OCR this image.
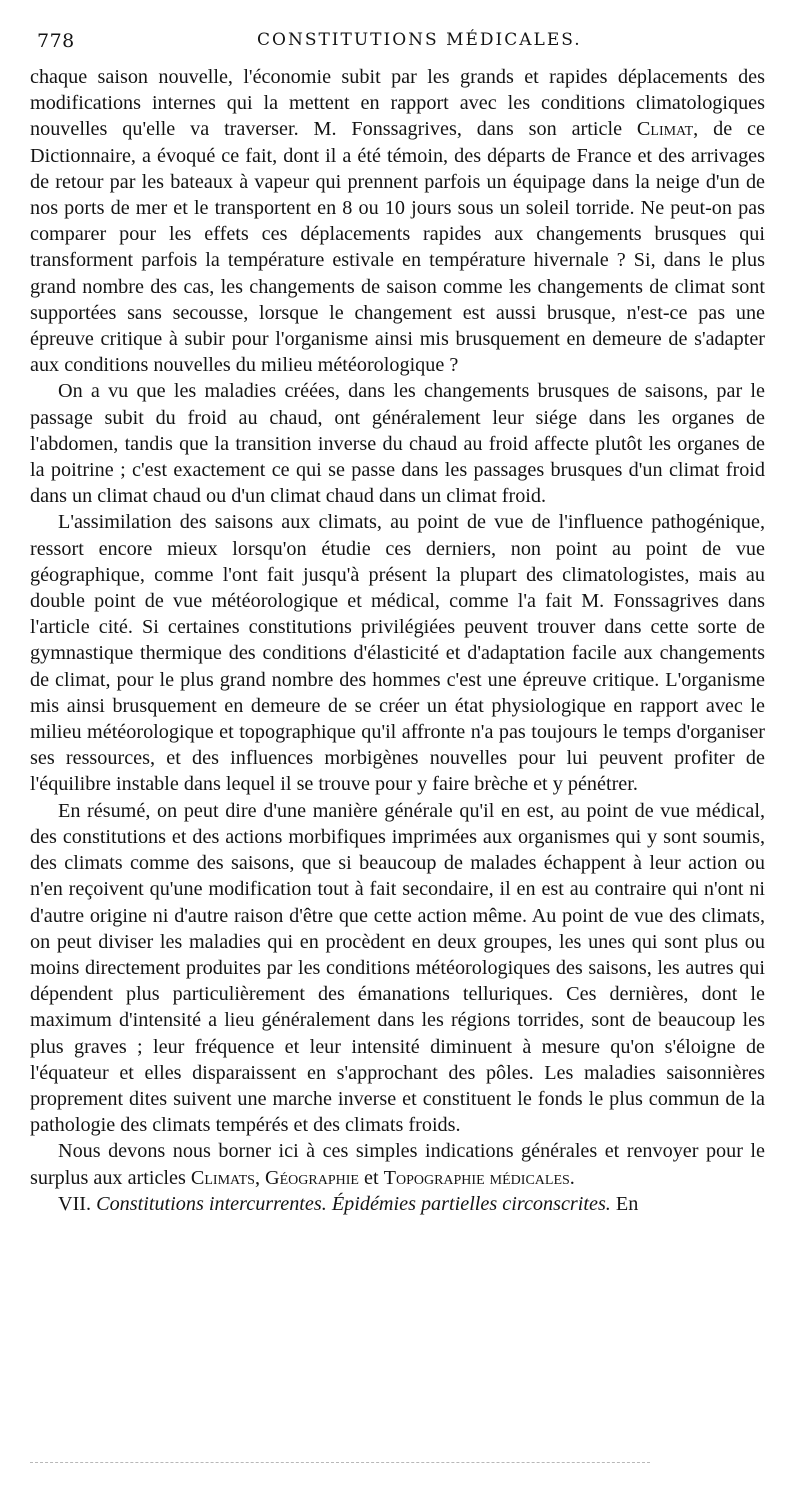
778	CONSTITUTIONS MÉDICALES.

chaque saison nouvelle, l'économie subit par les grands et rapides déplacements des modifications internes qui la mettent en rapport avec les conditions climatologiques nouvelles qu'elle va traverser. M. Fonssagrives, dans son article Climat, de ce Dictionnaire, a évoqué ce fait, dont il a été témoin, des départs de France et des arrivages de retour par les bateaux à vapeur qui prennent parfois un équipage dans la neige d'un de nos ports de mer et le transportent en 8 ou 10 jours sous un soleil torride. Ne peut-on pas comparer pour les effets ces déplacements rapides aux changements brusques qui transforment parfois la température estivale en température hivernale ? Si, dans le plus grand nombre des cas, les changements de saison comme les changements de climat sont supportées sans secousse, lorsque le changement est aussi brusque, n'est-ce pas une épreuve critique à subir pour l'organisme ainsi mis brusquement en demeure de s'adapter aux conditions nouvelles du milieu météorologique ?

On a vu que les maladies créées, dans les changements brusques de saisons, par le passage subit du froid au chaud, ont généralement leur siége dans les organes de l'abdomen, tandis que la transition inverse du chaud au froid affecte plutôt les organes de la poitrine ; c'est exactement ce qui se passe dans les passages brusques d'un climat froid dans un climat chaud ou d'un climat chaud dans un climat froid.

L'assimilation des saisons aux climats, au point de vue de l'influence pathogénique, ressort encore mieux lorsqu'on étudie ces derniers, non point au point de vue géographique, comme l'ont fait jusqu'à présent la plupart des climatologistes, mais au double point de vue météorologique et médical, comme l'a fait M. Fonssagrives dans l'article cité. Si certaines constitutions privilégiées peuvent trouver dans cette sorte de gymnastique thermique des conditions d'élasticité et d'adaptation facile aux changements de climat, pour le plus grand nombre des hommes c'est une épreuve critique. L'organisme mis ainsi brusquement en demeure de se créer un état physiologique en rapport avec le milieu météorologique et topographique qu'il affronte n'a pas toujours le temps d'organiser ses ressources, et des influences morbigènes nouvelles pour lui peuvent profiter de l'équilibre instable dans lequel il se trouve pour y faire brèche et y pénétrer.

En résumé, on peut dire d'une manière générale qu'il en est, au point de vue médical, des constitutions et des actions morbifiques imprimées aux organismes qui y sont soumis, des climats comme des saisons, que si beaucoup de malades échappent à leur action ou n'en reçoivent qu'une modification tout à fait secondaire, il en est au contraire qui n'ont ni d'autre origine ni d'autre raison d'être que cette action même. Au point de vue des climats, on peut diviser les maladies qui en procèdent en deux groupes, les unes qui sont plus ou moins directement produites par les conditions météorologiques des saisons, les autres qui dépendent plus particulièrement des émanations telluriques. Ces dernières, dont le maximum d'intensité a lieu généralement dans les régions torrides, sont de beaucoup les plus graves ; leur fréquence et leur intensité diminuent à mesure qu'on s'éloigne de l'équateur et elles disparaissent en s'approchant des pôles. Les maladies saisonnières proprement dites suivent une marche inverse et constituent le fonds le plus commun de la pathologie des climats tempérés et des climats froids.

Nous devons nous borner ici à ces simples indications générales et renvoyer pour le surplus aux articles Climats, Géographie et Topographie médicales.

VII. Constitutions intercurrentes. Épidémies partielles circonscrites. En
